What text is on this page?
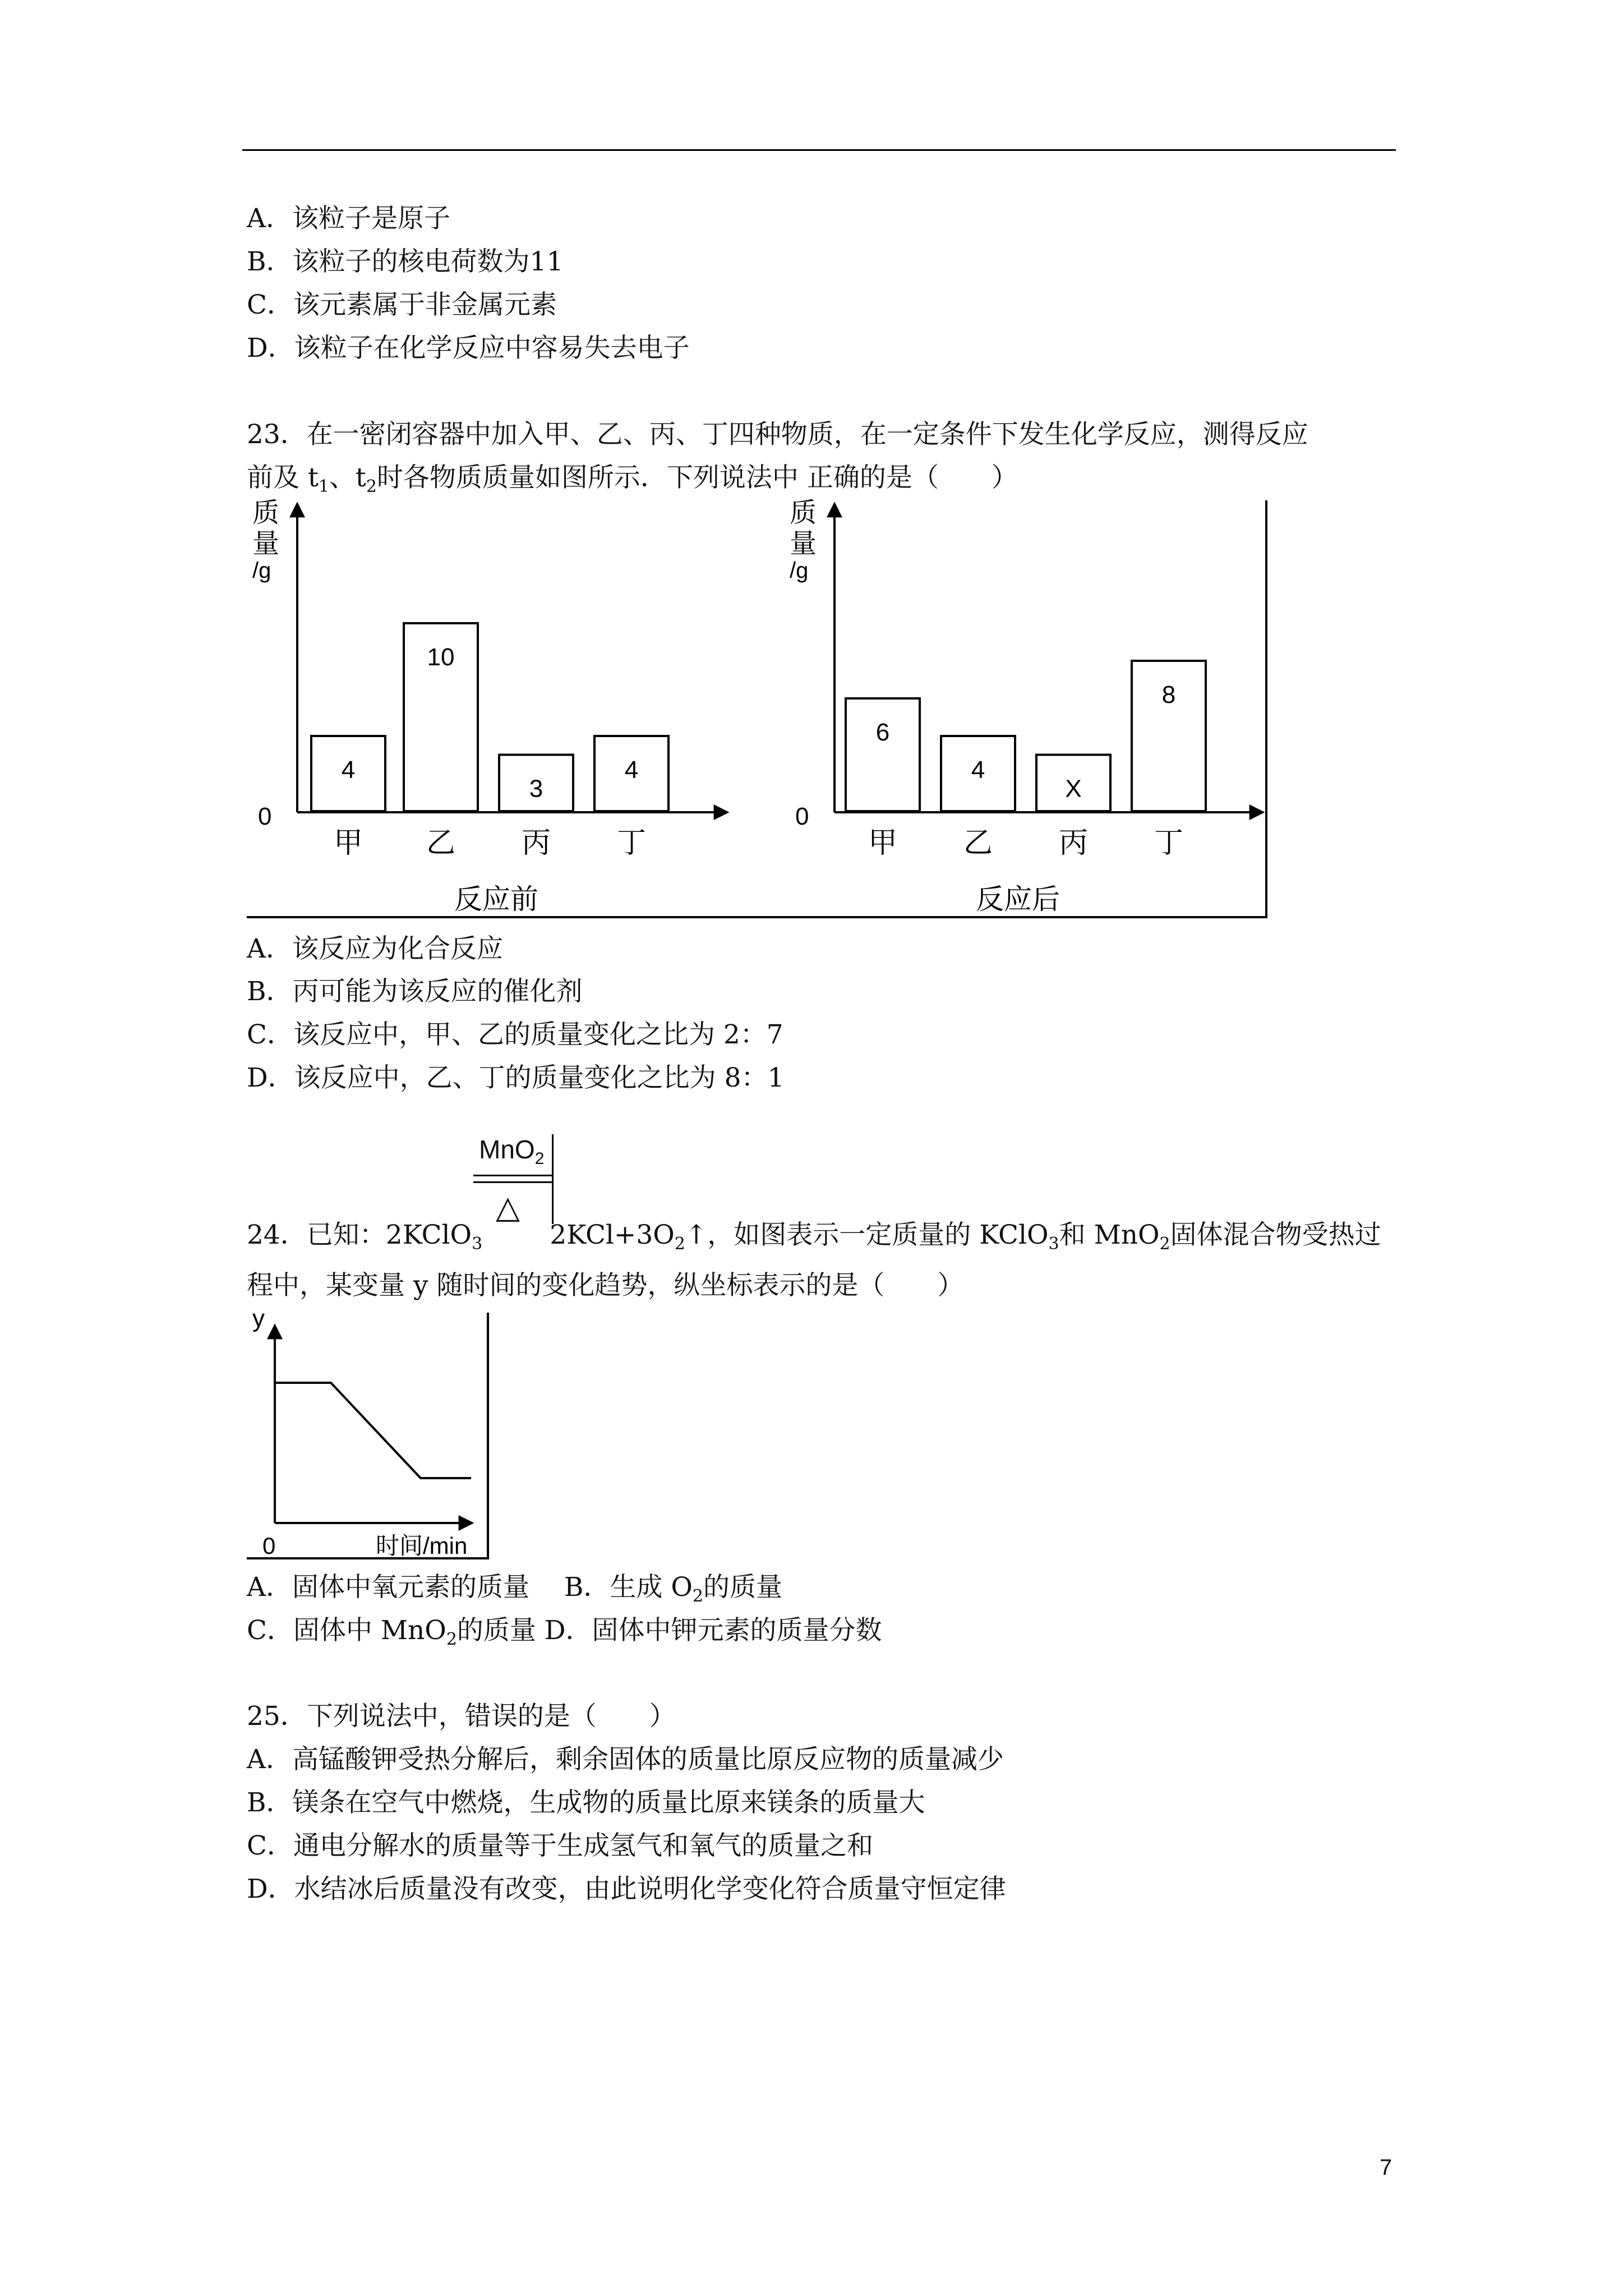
A．该粒子是原子
B．该粒子的核电荷数为11
C．该元素属于非金属元素
D．该粒子在化学反应中容易失去电子
23．在一密闭容器中加入甲、乙、丙、丁四种物质，在一定条件下发生化学反应，测得反应
前及 $t_1$、$t_2$时各物质质量如图所示．下列说法中 正确的是（　　）
质
量
/g
0
反应前
4
甲
10
乙
3
丙
4
丁
质
量
/g
0
反应后
6
甲
4
乙
X
丙
8
丁
A．该反应为化合反应
B．丙可能为该反应的催化剂
C．该反应中，甲、乙的质量变化之比为 2：7
D．该反应中，乙、丁的质量变化之比为 8：1
MnO$_2$
△
24．已知：2KClO$_3$	$2KCl+3O_2↑$，如图表示一定质量的 KClO$_3$和 MnO$_2$固体混合物受热过
程中，某变量 y 随时间的变化趋势，纵坐标表示的是（　　）
y
0	时间/min
A．固体中氧元素的质量　 B．生成 $O_2$的质量
C．固体中 MnO$_2$的质量 D．固体中钾元素的质量分数
25．下列说法中，错误的是（　　）
A．高锰酸钾受热分解后，剩余固体的质量比原反应物的质量减少
B．镁条在空气中燃烧，生成物的质量比原来镁条的质量大
C．通电分解水的质量等于生成氢气和氧气的质量之和
D．水结冰后质量没有改变，由此说明化学变化符合质量守恒定律
7
